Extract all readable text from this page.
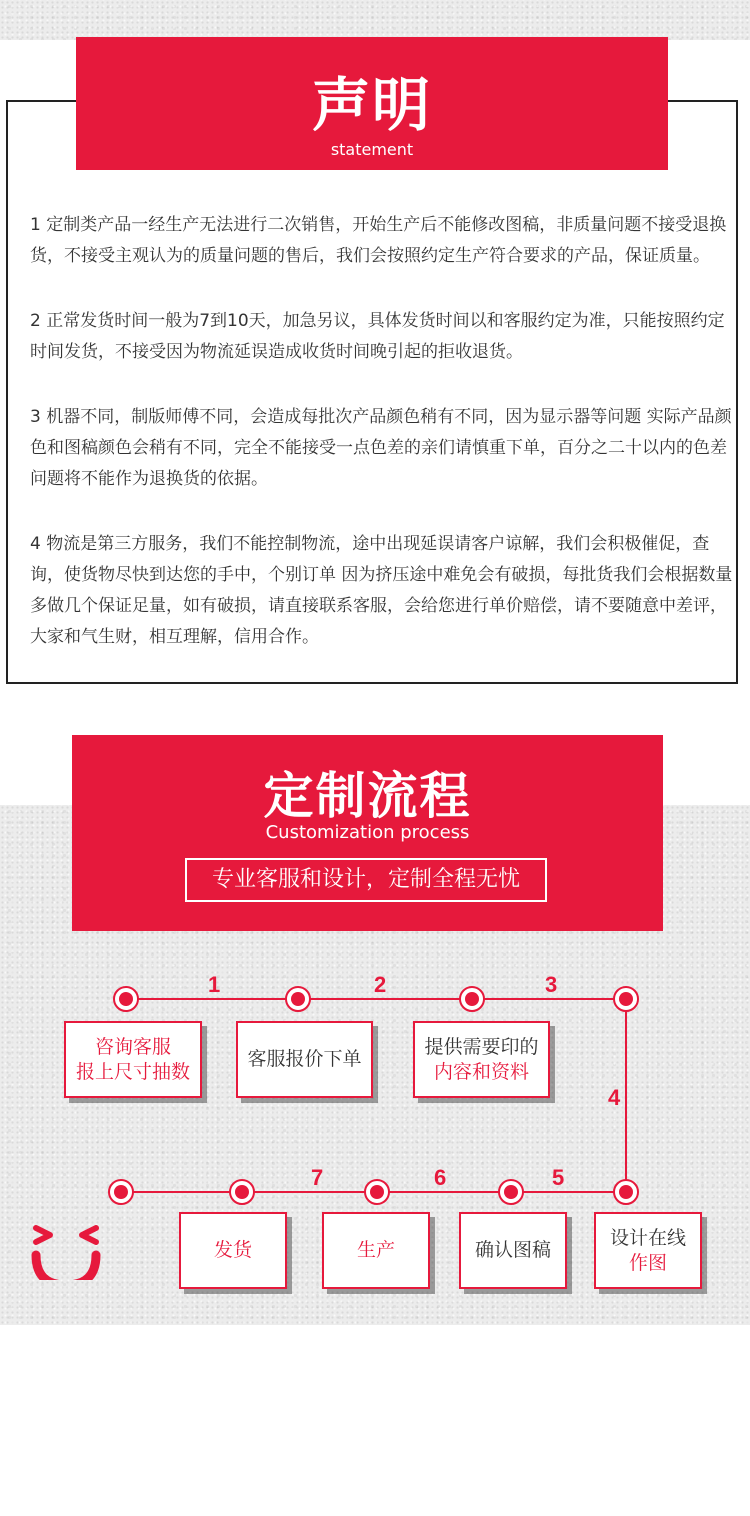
1 定制类产品一经生产无法进行二次销售，开始生产后不能修改图稿，非质量问题不接受退换货，不接受主观认为的质量问题的售后，我们会按照约定生产符合要求的产品，保证质量。

2 正常发货时间一般为7到10天，加急另议，具体发货时间以和客服约定为准，只能按照约定时间发货，不接受因为物流延误造成收货时间晚引起的拒收退货。

3 机器不同，制版师傅不同，会造成每批次产品颜色稍有不同，因为显示器等问题 实际产品颜色和图稿颜色会稍有不同，完全不能接受一点色差的亲们请慎重下单，百分之二十以内的色差问题将不能作为退换货的依据。

4 物流是第三方服务，我们不能控制物流，途中出现延误请客户谅解，我们会积极催促，查询，使货物尽快到达您的手中，个别订单 因为挤压途中难免会有破损，每批货我们会根据数量多做几个保证足量，如有破损，请直接联系客服，会给您进行单价赔偿，请不要随意中差评，大家和气生财，相互理解，信用合作。

声明
statement
定制流程
Customization process
专业客服和设计，定制全程无忧
1	2	3
4
5
6
7
咨询客服
报上尺寸抽数
客服报价下单
提供需要印的
内容和资料
设计在线
作图
确认图稿
生产
发货
